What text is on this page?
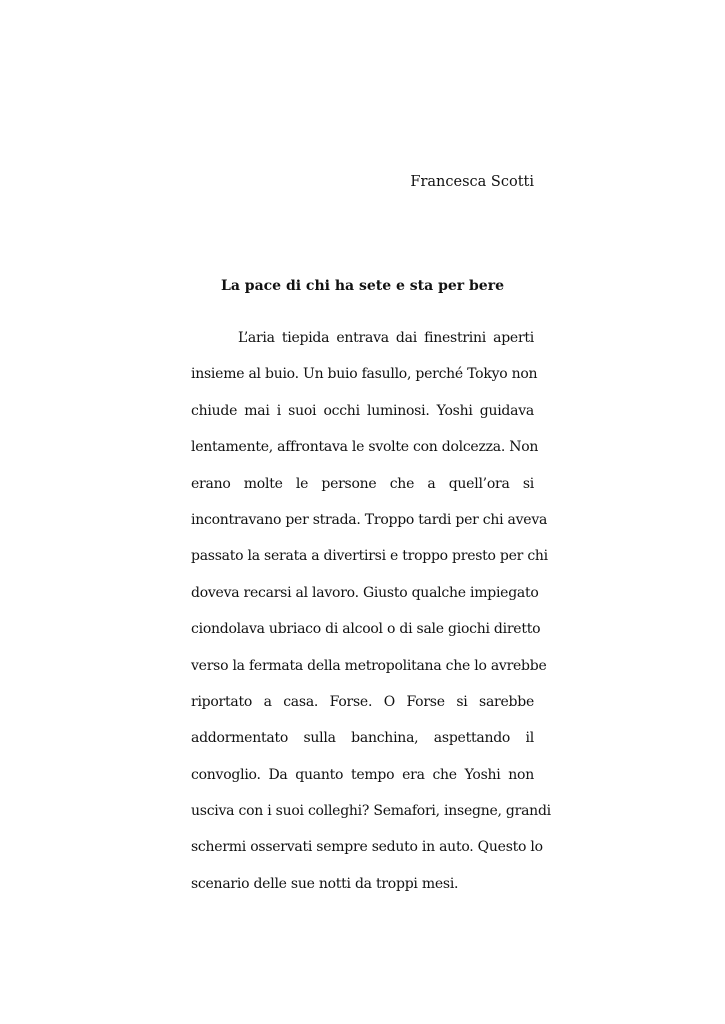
Francesca Scotti
La pace di chi ha sete e sta per bere
L’aria tiepida entrava dai finestrini aperti
insieme al buio. Un buio fasullo, perché Tokyo non
chiude mai i suoi occhi luminosi. Yoshi guidava
lentamente, affrontava le svolte con dolcezza. Non
erano molte le persone che a quell’ora si
incontravano per strada. Troppo tardi per chi aveva
passato la serata a divertirsi e troppo presto per chi
doveva recarsi al lavoro. Giusto qualche impiegato
ciondolava ubriaco di alcool o di sale giochi diretto
verso la fermata della metropolitana che lo avrebbe
riportato a casa. Forse. O Forse si sarebbe
addormentato sulla banchina, aspettando il
convoglio. Da quanto tempo era che Yoshi non
usciva con i suoi colleghi? Semafori, insegne, grandi
schermi osservati sempre seduto in auto. Questo lo
scenario delle sue notti da troppi mesi.
